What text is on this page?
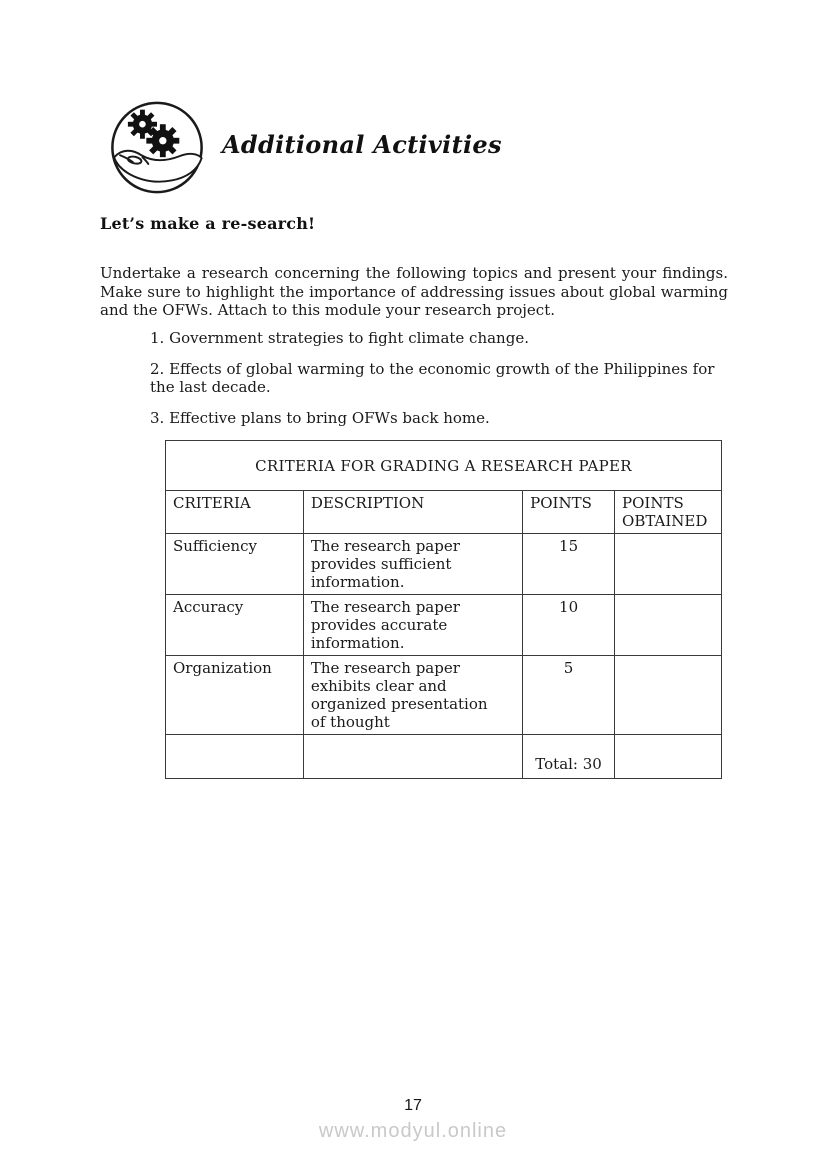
Additional Activities
Let’s make a re-search!
Undertake a research concerning the following topics and present your findings.
Make sure to highlight the importance of addressing issues about global warming
and the OFWs. Attach to this module your research project.
1. Government strategies to fight climate change.
2. Effects of global warming to the economic growth of the Philippines for the last decade.
3. Effective plans to bring OFWs back home.
CRITERIA FOR GRADING A RESEARCH PAPER			
CRITERIA	DESCRIPTION	POINTS	POINTS OBTAINED
Sufficiency	The research paper provides sufficient information.	15	
Accuracy	The research paper provides accurate information.	10	
Organization	The research paper exhibits clear and organized presentation of thought	5	
		Total: 30	
17
www.modyul.online
